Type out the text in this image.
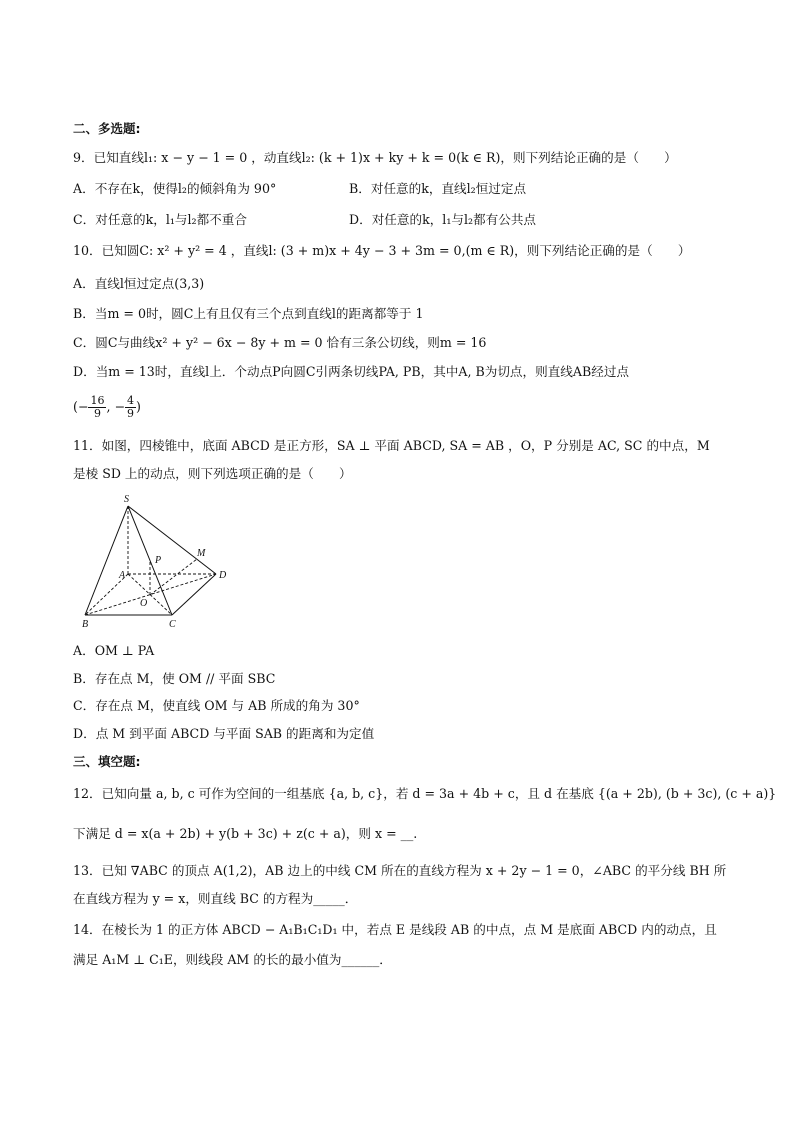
二、多选题:
9．已知直线l₁: x − y − 1 = 0 ，动直线l₂: (k + 1)x + ky + k = 0(k ∈ R)，则下列结论正确的是（　　）
A．不存在k，使得l₂的倾斜角为 90°	B．对任意的k，直线l₂恒过定点
C．对任意的k，l₁与l₂都不重合	D．对任意的k，l₁与l₂都有公共点
10．已知圆C: x² + y² = 4 ，直线l: (3 + m)x + 4y − 3 + 3m = 0,(m ∈ R)，则下列结论正确的是（　　）
A．直线l恒过定点(3,3)
B．当m = 0时，圆C上有且仅有三个点到直线l的距离都等于 1
C．圆C与曲线x² + y² − 6x − 8y + m = 0 恰有三条公切线，则m = 16
D．当m = 13时，直线l上．个动点P向圆C引两条切线PA, PB，其中A, B为切点，则直线AB经过点
(− $\frac{16}{9}$ , − $\frac{4}{9}$ )
11．如图，四棱锥中，底面 ABCD 是正方形，SA ⊥ 平面 ABCD, SA = AB ，O，P 分别是 AC, SC 的中点，M
是棱 SD 上的动点，则下列选项正确的是（　　）
S
A
B	C
D
M
O
P
A．OM ⊥ PA
B．存在点 M，使 OM // 平面 SBC
C．存在点 M，使直线 OM 与 AB 所成的角为 30°
D．点 M 到平面 ABCD 与平面 SAB 的距离和为定值
三、填空题:
12．已知向量 a, b, c 可作为空间的一组基底 {a, b, c}，若 d = 3a + 4b + c，且 d 在基底 {(a + 2b), (b + 3c), (c + a)}
下满足 d = x(a + 2b) + y(b + 3c) + z(c + a)，则 x = __.
13．已知 ∇ABC 的顶点 A(1,2)，AB 边上的中线 CM 所在的直线方程为 x + 2y − 1 = 0，∠ABC 的平分线 BH 所
在直线方程为 y = x，则直线 BC 的方程为_____．
14．在棱长为 1 的正方体 ABCD − A₁B₁C₁D₁ 中，若点 E 是线段 AB 的中点，点 M 是底面 ABCD 内的动点，且
满足 A₁M ⊥ C₁E，则线段 AM 的长的最小值为______．
